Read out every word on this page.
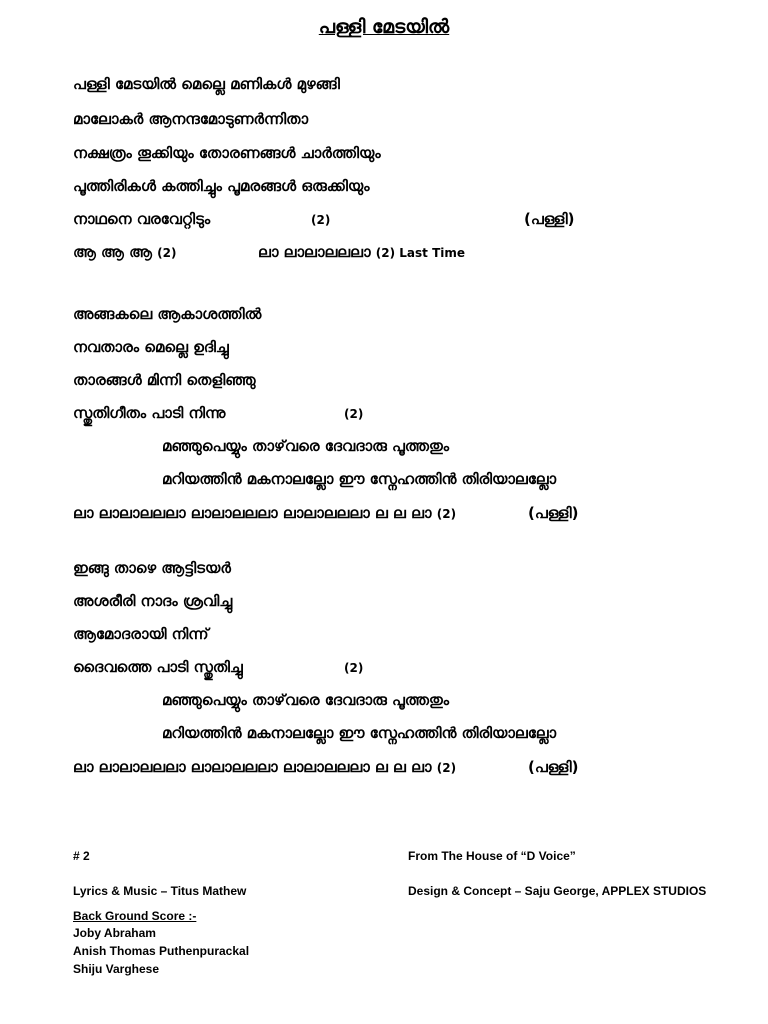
പള്ളി മേടയിൽ
പള്ളി മേടയിൽ മെല്ലെ മണികൾ മുഴങ്ങി
മാലോകർ ആനന്ദമോടുണർന്നിതാ
നക്ഷത്രം തൂക്കിയും തോരണങ്ങൾ ചാർത്തിയും
പൂത്തിരികൾ കത്തിച്ചും പൂമരങ്ങൾ ഒരുക്കിയും
നാഥനെ വരവേറ്റിടും	(2)	(പള്ളി)
ആ ആ ആ (2)	ലാ ലാലാലലലാ (2) Last Time
അങ്ങകലെ ആകാശത്തിൽ
നവതാരം മെല്ലെ ഉദിച്ചു
താരങ്ങൾ മിന്നി തെളിഞ്ഞു
സ്തുതിഗീതം പാടി നിന്നു	(2)
മഞ്ഞുപെയ്യും താഴ്‌വരെ ദേവദാരു പൂത്തതും
മറിയത്തിൻ മകനാലല്ലോ ഈ സ്നേഹത്തിൻ തിരിയാലല്ലോ
ലാ ലാലാലലലാ ലാലാലലലാ ലാലാലലലാ ല ല ലാ (2)	(പള്ളി)
ഇങ്ങു താഴെ ആട്ടിടയർ
അശരീരി നാദം ശ്രവിച്ചു
ആമോദരായി നിന്ന്
ദൈവത്തെ പാടി സ്തുതിച്ചു	(2)
മഞ്ഞുപെയ്യും താഴ്‌വരെ ദേവദാരു പൂത്തതും
മറിയത്തിൻ മകനാലല്ലോ ഈ സ്നേഹത്തിൻ തിരിയാലല്ലോ
ലാ ലാലാലലലാ ലാലാലലലാ ലാലാലലലാ ല ല ലാ (2)	(പള്ളി)
# 2	From The House of “D Voice”
Lyrics & Music – Titus Mathew	Design & Concept – Saju George, APPLEX STUDIOS
Back Ground Score :-
Joby Abraham
Anish Thomas Puthenpurackal
Shiju Varghese
